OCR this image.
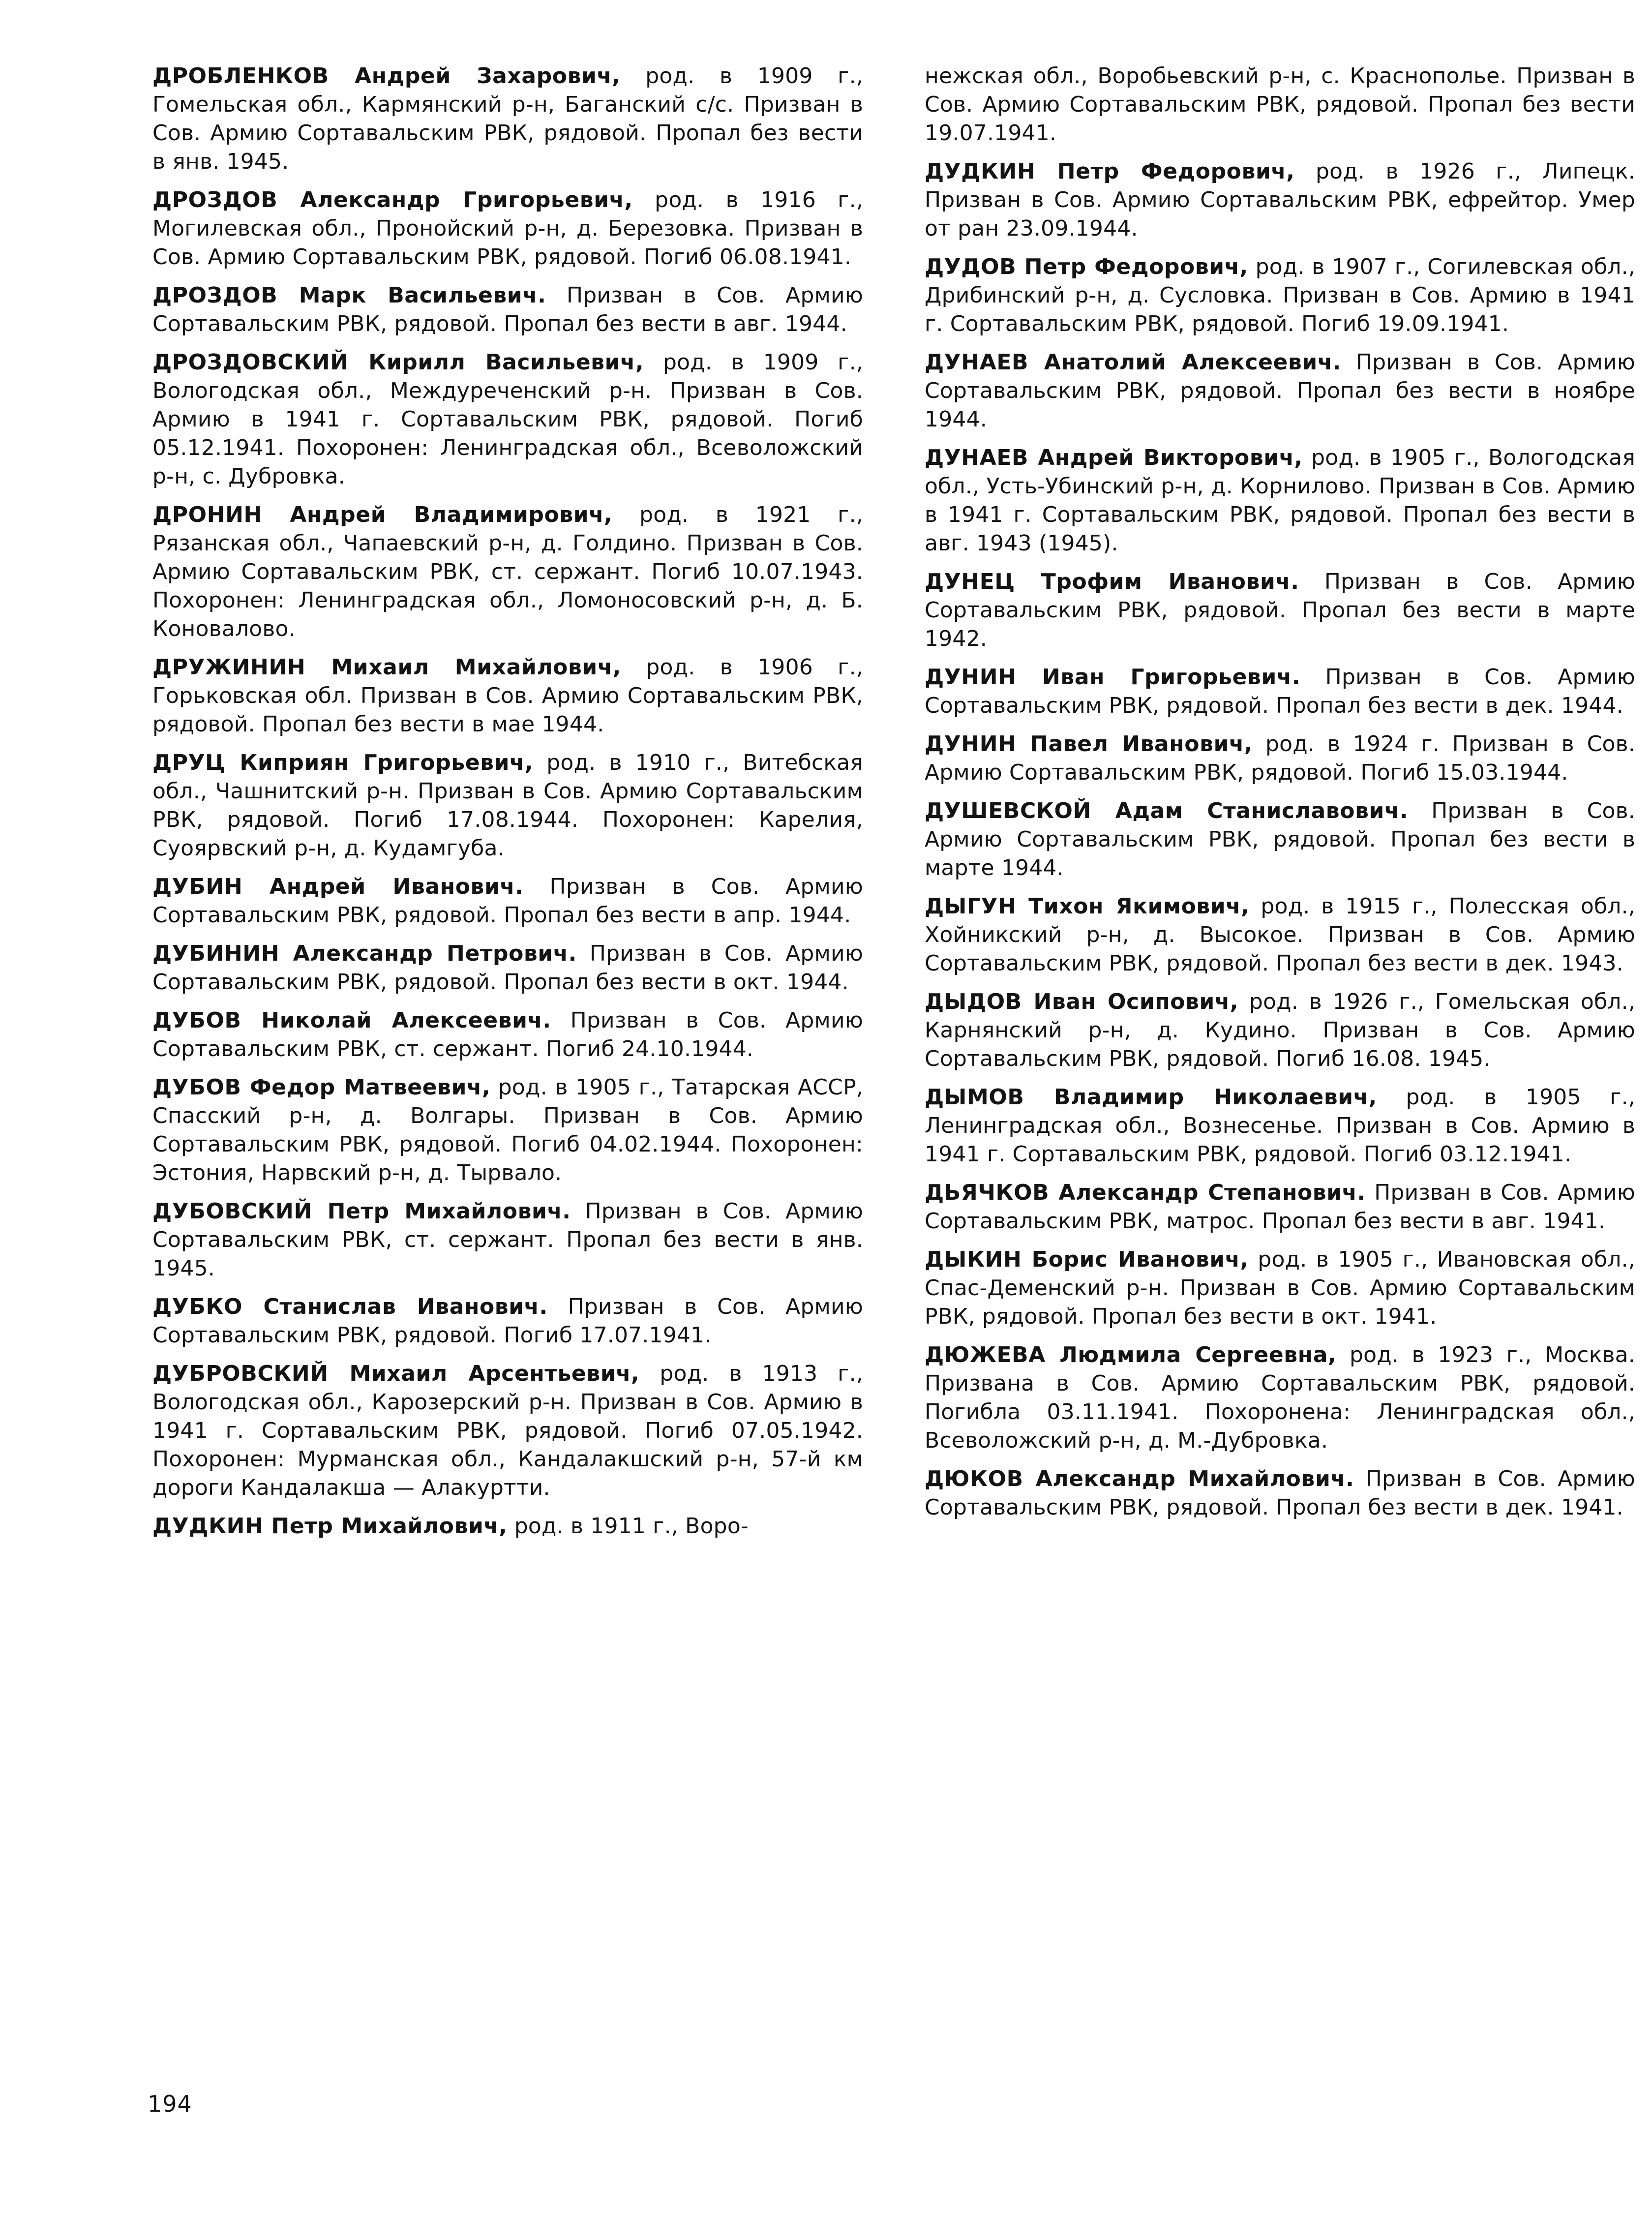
ДРОБЛЕНКОВ Андрей Захарович, род. в 1909 г., Гомельская обл., Кармянский р-н, Баганский с/с. Призван в Сов. Армию Сортавальским РВК, рядовой. Пропал без вести в янв. 1945.

ДРОЗДОВ Александр Григорьевич, род. в 1916 г., Могилевская обл., Пронойский р-н, д. Березовка. Призван в Сов. Армию Сортавальским РВК, рядовой. Погиб 06.08.1941.

ДРОЗДОВ Марк Васильевич. Призван в Сов. Армию Сортавальским РВК, рядовой. Пропал без вести в авг. 1944.

ДРОЗДОВСКИЙ Кирилл Васильевич, род. в 1909 г., Вологодская обл., Междуреченский р-н. Призван в Сов. Армию в 1941 г. Сортавальским РВК, рядовой. Погиб 05.12.1941. Похоронен: Ленинградская обл., Всеволожский р-н, с. Дубровка.

ДРОНИН Андрей Владимирович, род. в 1921 г., Рязанская обл., Чапаевский р-н, д. Голдино. Призван в Сов. Армию Сортавальским РВК, ст. сержант. Погиб 10.07.1943. Похоронен: Ленинградская обл., Ломоносовский р-н, д. Б. Коновалово.

ДРУЖИНИН Михаил Михайлович, род. в 1906 г., Горьковская обл. Призван в Сов. Армию Сортавальским РВК, рядовой. Пропал без вести в мае 1944.

ДРУЦ Киприян Григорьевич, род. в 1910 г., Витебская обл., Чашнитский р-н. Призван в Сов. Армию Сортавальским РВК, рядовой. Погиб 17.08.1944. Похоронен: Карелия, Суоярвский р-н, д. Кудамгуба.

ДУБИН Андрей Иванович. Призван в Сов. Армию Сортавальским РВК, рядовой. Пропал без вести в апр. 1944.

ДУБИНИН Александр Петрович. Призван в Сов. Армию Сортавальским РВК, рядовой. Пропал без вести в окт. 1944.

ДУБОВ Николай Алексеевич. Призван в Сов. Армию Сортавальским РВК, ст. сержант. Погиб 24.10.1944.

ДУБОВ Федор Матвеевич, род. в 1905 г., Татарская АССР, Спасский р-н, д. Волгары. Призван в Сов. Армию Сортавальским РВК, рядовой. Погиб 04.02.1944. Похоронен: Эстония, Нарвский р-н, д. Тырвало.

ДУБОВСКИЙ Петр Михайлович. Призван в Сов. Армию Сортавальским РВК, ст. сержант. Пропал без вести в янв. 1945.

ДУБКО Станислав Иванович. Призван в Сов. Армию Сортавальским РВК, рядовой. Погиб 17.07.1941.

ДУБРОВСКИЙ Михаил Арсентьевич, род. в 1913 г., Вологодская обл., Карозерский р-н. Призван в Сов. Армию в 1941 г. Сортавальским РВК, рядовой. Погиб 07.05.1942. Похоронен: Мурманская обл., Кандалакшский р-н, 57-й км дороги Кандалакша — Алакуртти.

ДУДКИН Петр Михайлович, род. в 1911 г., Воро-

нежская обл., Воробьевский р-н, с. Краснополье. Призван в Сов. Армию Сортавальским РВК, рядовой. Пропал без вести 19.07.1941.

ДУДКИН Петр Федорович, род. в 1926 г., Липецк. Призван в Сов. Армию Сортавальским РВК, ефрейтор. Умер от ран 23.09.1944.

ДУДОВ Петр Федорович, род. в 1907 г., Согилевская обл., Дрибинский р-н, д. Сусловка. Призван в Сов. Армию в 1941 г. Сортавальским РВК, рядовой. Погиб 19.09.1941.

ДУНАЕВ Анатолий Алексеевич. Призван в Сов. Армию Сортавальским РВК, рядовой. Пропал без вести в ноябре 1944.

ДУНАЕВ Андрей Викторович, род. в 1905 г., Вологодская обл., Усть-Убинский р-н, д. Корнилово. Призван в Сов. Армию в 1941 г. Сортавальским РВК, рядовой. Пропал без вести в авг. 1943 (1945).

ДУНЕЦ Трофим Иванович. Призван в Сов. Армию Сортавальским РВК, рядовой. Пропал без вести в марте 1942.

ДУНИН Иван Григорьевич. Призван в Сов. Армию Сортавальским РВК, рядовой. Пропал без вести в дек. 1944.

ДУНИН Павел Иванович, род. в 1924 г. Призван в Сов. Армию Сортавальским РВК, рядовой. Погиб 15.03.1944.

ДУШЕВСКОЙ Адам Станиславович. Призван в Сов. Армию Сортавальским РВК, рядовой. Пропал без вести в марте 1944.

ДЫГУН Тихон Якимович, род. в 1915 г., Полесская обл., Хойникский р-н, д. Высокое. Призван в Сов. Армию Сортавальским РВК, рядовой. Пропал без вести в дек. 1943.

ДЫДОВ Иван Осипович, род. в 1926 г., Гомельская обл., Карнянский р-н, д. Кудино. Призван в Сов. Армию Сортавальским РВК, рядовой. Погиб 16.08. 1945.

ДЫМОВ Владимир Николаевич, род. в 1905 г., Ленинградская обл., Вознесенье. Призван в Сов. Армию в 1941 г. Сортавальским РВК, рядовой. Погиб 03.12.1941.

ДЬЯЧКОВ Александр Степанович. Призван в Сов. Армию Сортавальским РВК, матрос. Пропал без вести в авг. 1941.

ДЫКИН Борис Иванович, род. в 1905 г., Ивановская обл., Спас-Деменский р-н. Призван в Сов. Армию Сортавальским РВК, рядовой. Пропал без вести в окт. 1941.

ДЮЖЕВА Людмила Сергеевна, род. в 1923 г., Москва. Призвана в Сов. Армию Сортавальским РВК, рядовой. Погибла 03.11.1941. Похоронена: Ленинградская обл., Всеволожский р-н, д. М.-Дубровка.

ДЮКОВ Александр Михайлович. Призван в Сов. Армию Сортавальским РВК, рядовой. Пропал без вести в дек. 1941.

194
